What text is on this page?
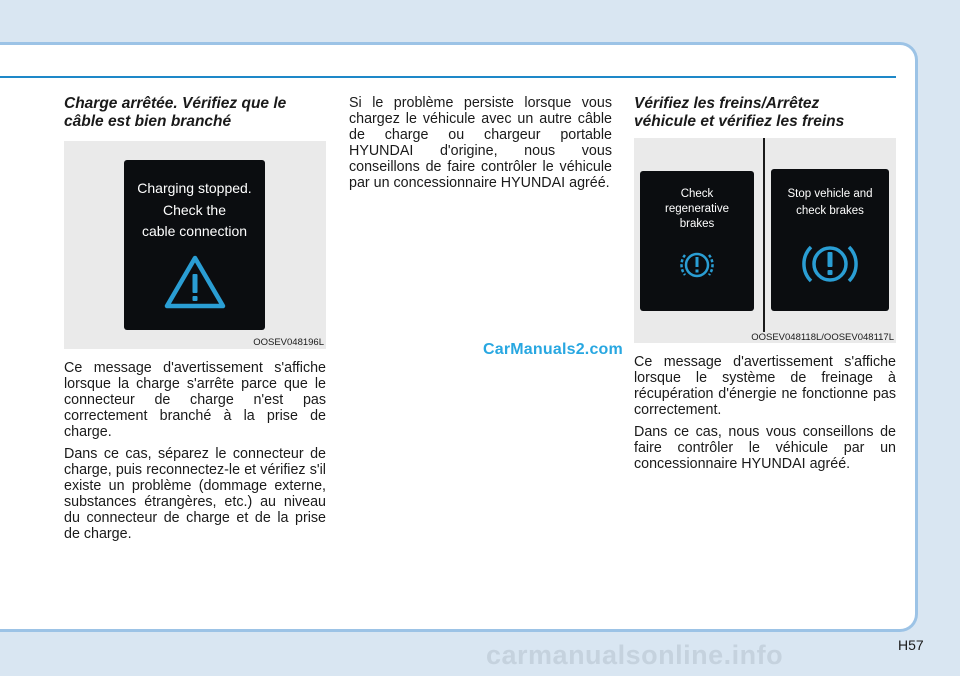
Charge arrêtée. Vérifiez que le
câble est bien branché
Charging stopped.
Check the
cable connection
OOSEV048196L

Ce message d'avertissement s'affiche lorsque la charge s'arrête parce que le connecteur de charge n'est pas correctement branché à la prise de charge.

Dans ce cas, séparez le connecteur de charge, puis reconnectez-le et vérifiez s'il existe un problème (dommage externe, substances étrangères, etc.) au niveau du connecteur de charge et de la prise de charge.

Si le problème persiste lorsque vous chargez le véhicule avec un autre câble de charge ou chargeur portable HYUNDAI d'origine, nous vous conseillons de faire contrôler le véhicule par un concessionnaire HYUNDAI agréé.

CarManuals2.com
Vérifiez les freins/Arrêtez
véhicule et vérifiez les freins
Check
regenerative
brakes
Stop vehicle and
check brakes
OOSEV048118L/OOSEV048117L

Ce message d'avertissement s'affiche lorsque le système de freinage à récupération d'énergie ne fonctionne pas correctement.

Dans ce cas, nous vous conseillons de faire contrôler le véhicule par un concessionnaire HYUNDAI agréé.

H57
carmanualsonline.info
